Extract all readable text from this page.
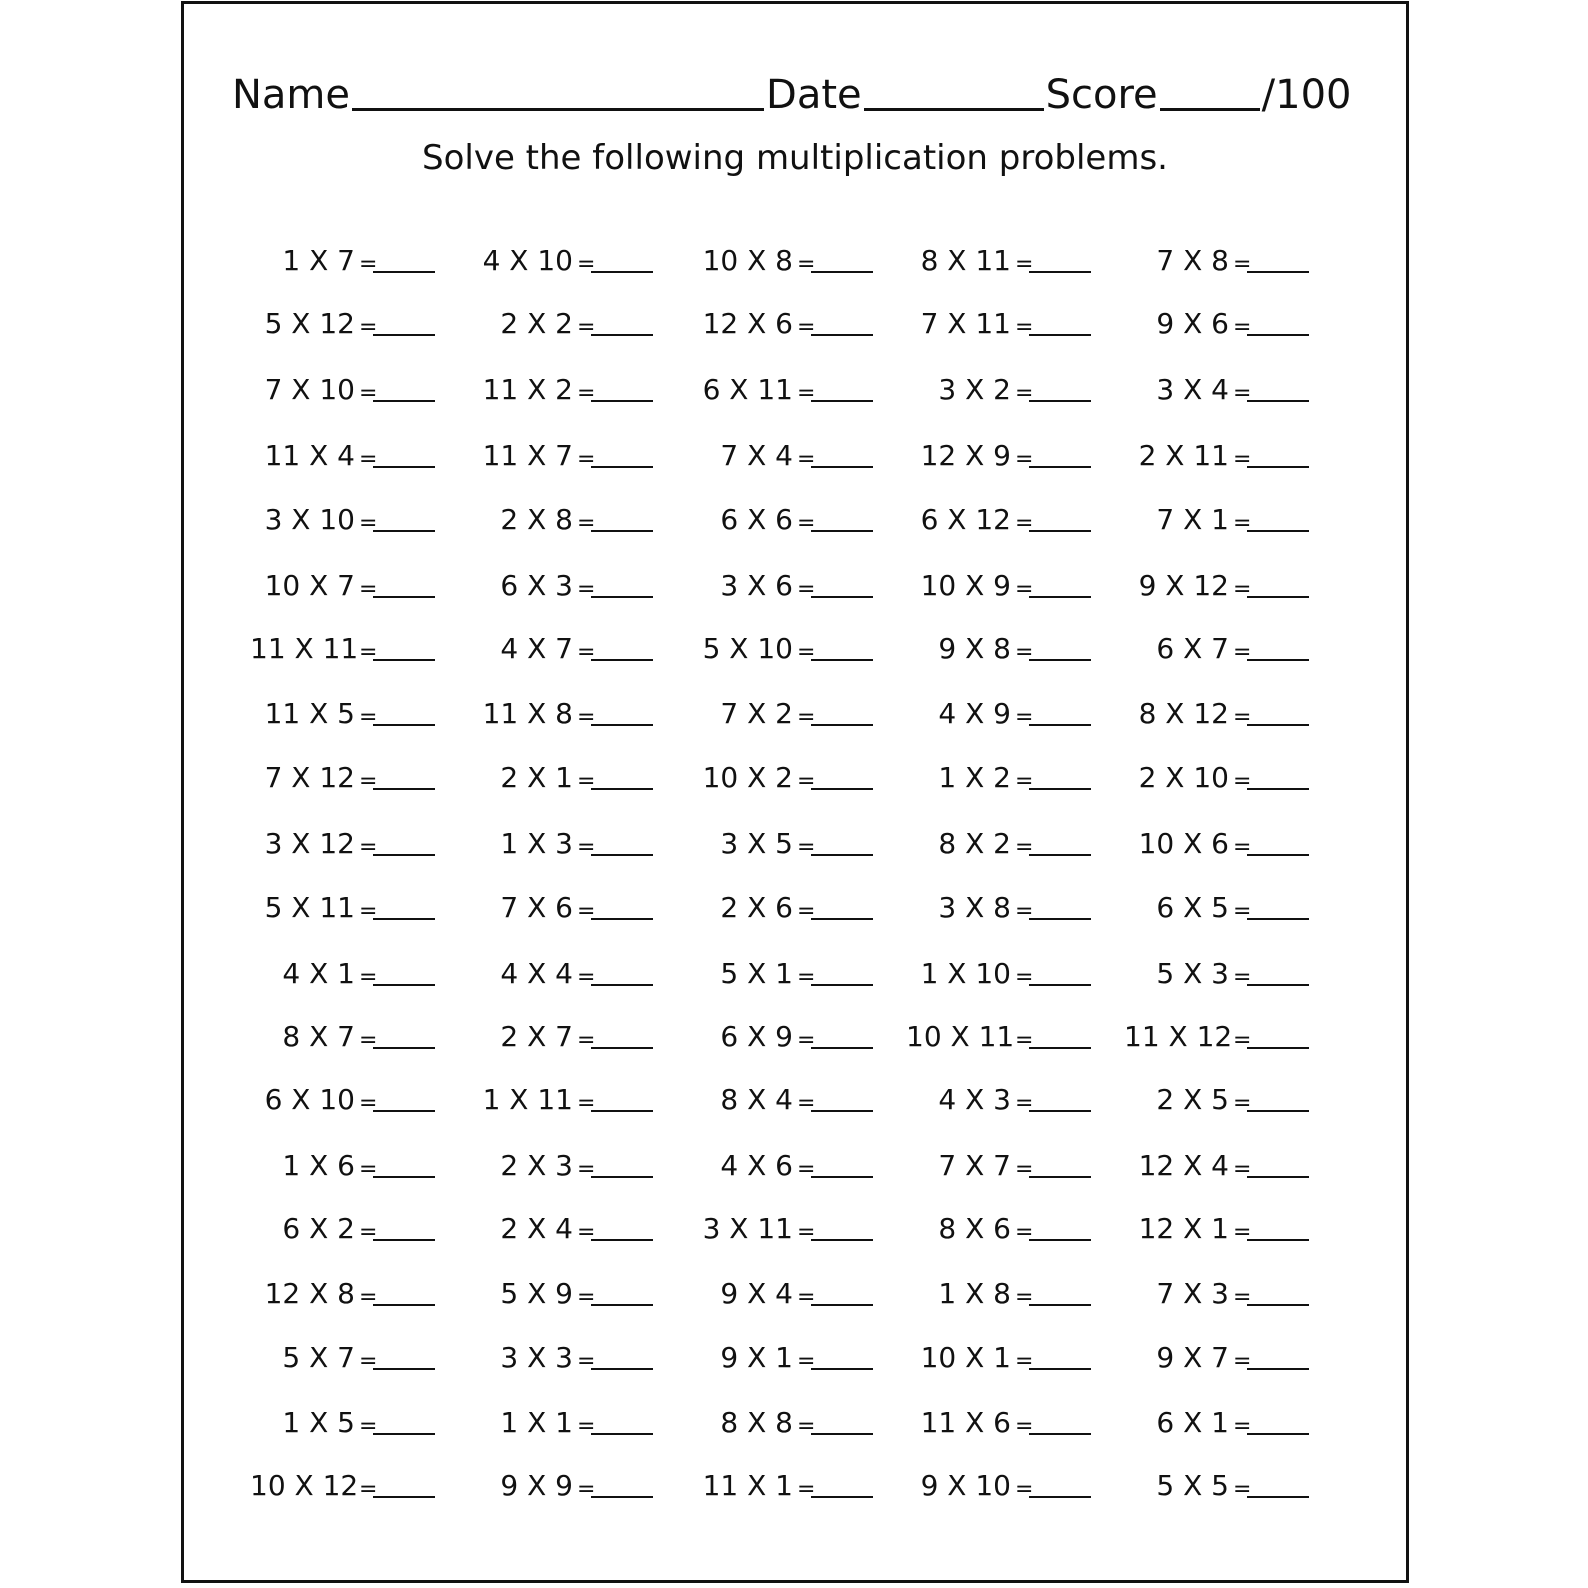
Name	Date	Score	/100
Solve the following multiplication problems.
1 X 7 =	4 X 10 =	10 X 8 =	8 X 11 =	7 X 8 =
5 X 12 =	2 X 2 =	12 X 6 =	7 X 11 =	9 X 6 =
7 X 10 =	11 X 2 =	6 X 11 =	3 X 2 =	3 X 4 =
11 X 4 =	11 X 7 =	7 X 4 =	12 X 9 =	2 X 11 =
3 X 10 =	2 X 8 =	6 X 6 =	6 X 12 =	7 X 1 =
10 X 7 =	6 X 3 =	3 X 6 =	10 X 9 =	9 X 12 =
11 X 11 =	4 X 7 =	5 X 10 =	9 X 8 =	6 X 7 =
11 X 5 =	11 X 8 =	7 X 2 =	4 X 9 =	8 X 12 =
7 X 12 =	2 X 1 =	10 X 2 =	1 X 2 =	2 X 10 =
3 X 12 =	1 X 3 =	3 X 5 =	8 X 2 =	10 X 6 =
5 X 11 =	7 X 6 =	2 X 6 =	3 X 8 =	6 X 5 =
4 X 1 =	4 X 4 =	5 X 1 =	1 X 10 =	5 X 3 =
8 X 7 =	2 X 7 =	6 X 9 =	10 X 11 =	11 X 12 =
6 X 10 =	1 X 11 =	8 X 4 =	4 X 3 =	2 X 5 =
1 X 6 =	2 X 3 =	4 X 6 =	7 X 7 =	12 X 4 =
6 X 2 =	2 X 4 =	3 X 11 =	8 X 6 =	12 X 1 =
12 X 8 =	5 X 9 =	9 X 4 =	1 X 8 =	7 X 3 =
5 X 7 =	3 X 3 =	9 X 1 =	10 X 1 =	9 X 7 =
1 X 5 =	1 X 1 =	8 X 8 =	11 X 6 =	6 X 1 =
10 X 12 =	9 X 9 =	11 X 1 =	9 X 10 =	5 X 5 =
